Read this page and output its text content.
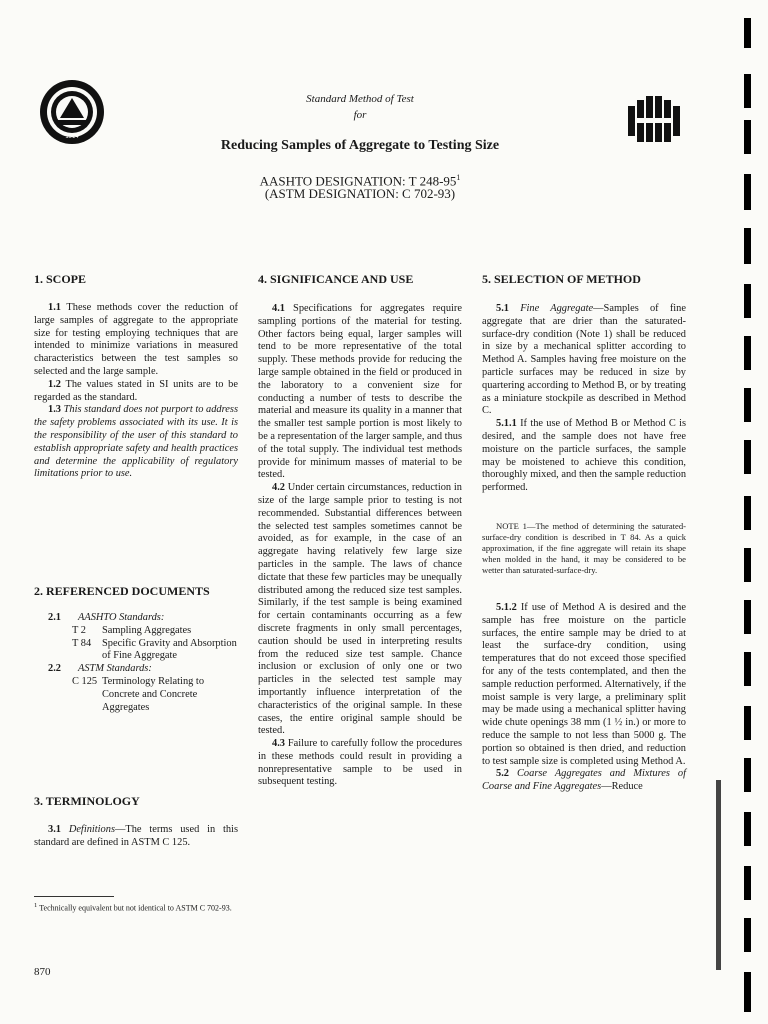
1914
Standard Method of Test
for
Reducing Samples of Aggregate to Testing Size
AASHTO DESIGNATION: T $248-95^1$
(ASTM DESIGNATION: C 702-93)
1. SCOPE

1.1 These methods cover the reduction of large samples of aggregate to the appropriate size for testing employing techniques that are intended to minimize variations in measured characteristics between the test samples so selected and the large sample.

1.2 The values stated in SI units are to be regarded as the standard.

1.3 This standard does not purport to address the safety problems associated with its use. It is the responsibility of the user of this standard to establish appropriate safety and health practices and determine the applicability of regulatory limitations prior to use.

2. REFERENCED DOCUMENTS
2.1	AASHTO Standards:
T 2	Sampling Aggregates
T 84	Specific Gravity and Absorption of Fine Aggregate
2.2	ASTM Standards:
C 125 Terminology Relating to Concrete and Concrete Aggregates
3. TERMINOLOGY

3.1 Definitions—The terms used in this standard are defined in ASTM C 125.

$^1$ Technically equivalent but not identical to ASTM C 702-93.
870
4. SIGNIFICANCE AND USE

4.1 Specifications for aggregates require sampling portions of the material for testing. Other factors being equal, larger samples will tend to be more representative of the total supply. These methods provide for reducing the large sample obtained in the field or produced in the laboratory to a convenient size for conducting a number of tests to describe the material and measure its quality in a manner that the smaller test sample portion is most likely to be a representation of the larger sample, and thus of the total supply. The individual test methods provide for minimum masses of material to be tested.

4.2 Under certain circumstances, reduction in size of the large sample prior to testing is not recommended. Substantial differences between the selected test samples sometimes cannot be avoided, as for example, in the case of an aggregate having relatively few large size particles in the sample. The laws of chance dictate that these few particles may be unequally distributed among the reduced size test samples. Similarly, if the test sample is being examined for certain contaminants occurring as a few discrete fragments in only small percentages, caution should be used in interpreting results from the reduced size test sample. Chance inclusion or exclusion of only one or two particles in the selected test sample may importantly influence interpretation of the characteristics of the original sample. In these cases, the entire original sample should be tested.

4.3 Failure to carefully follow the procedures in these methods could result in providing a nonrepresentative sample to be used in subsequent testing.

5. SELECTION OF METHOD

5.1 Fine Aggregate—Samples of fine aggregate that are drier than the saturated-surface-dry condition (Note 1) shall be reduced in size by a mechanical splitter according to Method A. Samples having free moisture on the particle surfaces may be reduced in size by quartering according to Method B, or by treating as a miniature stockpile as described in Method C.

5.1.1 If the use of Method B or Method C is desired, and the sample does not have free moisture on the particle surfaces, the sample may be moistened to achieve this condition, thoroughly mixed, and then the sample reduction performed.

NOTE 1—The method of determining the saturated-surface-dry condition is described in T 84. As a quick approximation, if the fine aggregate will retain its shape when molded in the hand, it may be considered to be wetter than saturated-surface-dry.

5.1.2 If use of Method A is desired and the sample has free moisture on the particle surfaces, the entire sample may be dried to at least the surface-dry condition, using temperatures that do not exceed those specified for any of the tests contemplated, and then the sample reduction performed. Alternatively, if the moist sample is very large, a preliminary split may be made using a mechanical splitter having wide chute openings 38 mm (1 ½ in.) or more to reduce the sample to not less than 5000 g. The portion so obtained is then dried, and reduction to test sample size is completed using Method A.

5.2 Coarse Aggregates and Mixtures of Coarse and Fine Aggregates—Reduce
